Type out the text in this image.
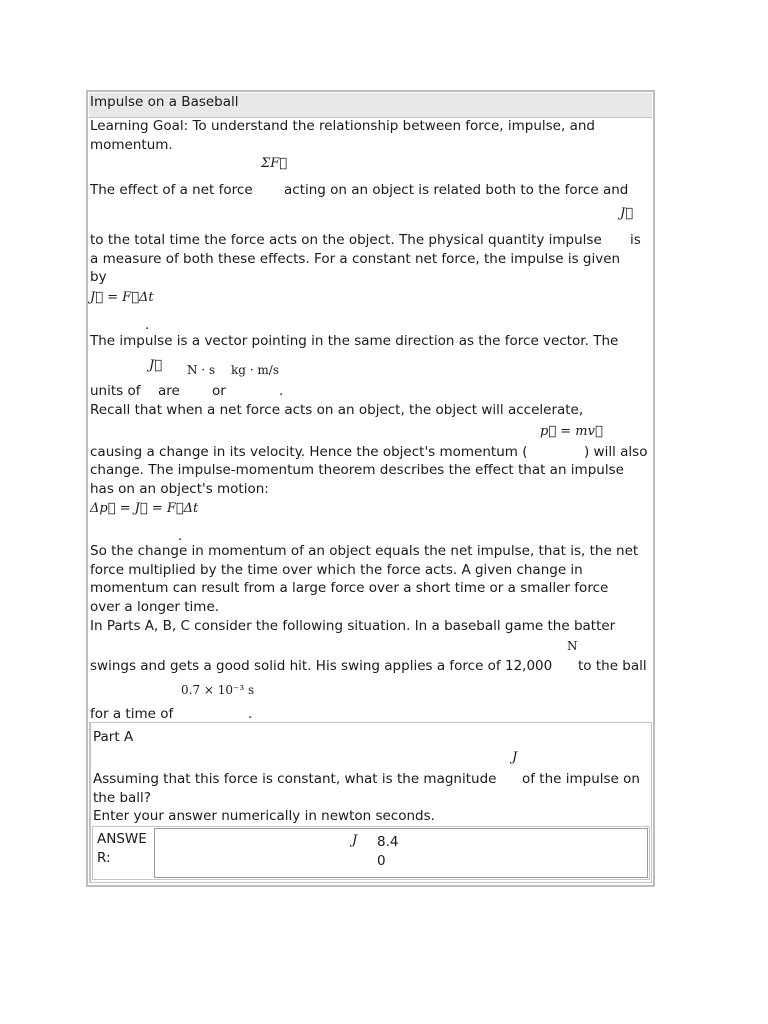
Impulse on a Baseball
Learning Goal: To understand the relationship between force, impulse, and
momentum.
ΣF⃗
The effect of a net force acting on an object is related both to the force and
J⃗
to the total time the force acts on the object. The physical quantity impulse is
a measure of both these effects. For a constant net force, the impulse is given
by
J⃗ = F⃗Δt
.
The impulse is a vector pointing in the same direction as the force vector. The
J⃗ N · s kg · m/s
units of are or	.
Recall that when a net force acts on an object, the object will accelerate,
p⃗ = mv⃗
causing a change in its velocity. Hence the object's momentum (	) will also
change. The impulse-momentum theorem describes the effect that an impulse
has on an object's motion:
Δp⃗ = J⃗ = F⃗Δt
.
So the change in momentum of an object equals the net impulse, that is, the net
force multiplied by the time over which the force acts. A given change in
momentum can result from a large force over a short time or a smaller force
over a longer time.
In Parts A, B, C consider the following situation. In a baseball game the batter
N
swings and gets a good solid hit. His swing applies a force of 12,000 to the ball
0.7 × 10⁻³ s
for a time of	.
Part A
J
Assuming that this force is constant, what is the magnitude of the impulse on
the ball?
Enter your answer numerically in newton seconds.
ANSWE
R:
J 8.4
0
